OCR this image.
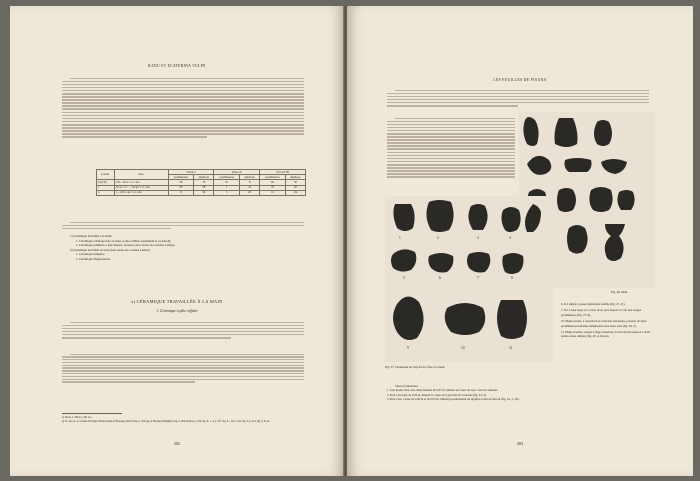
RADU ET ECATERINA VULPE
Couche	Date	Travail à		Tissus de		Total (A+B)	
		proéminentes	amphores	proéminentes	amphores	proéminentes	amphores
β (β' β'')	150—50 av. J.-C. env.	68	30	61	8	121	38
γ	50 av. J.-C. — 50 apr. J.-C. env.	89	58	1	24	79	82
δ	1—125 n. apr. J.-C. env.	9	94	5	20	12	114
1) Céramique travaillée à la main:
1. Céramique à haftage noir ou brun, à pâte raffinée (seulement la couche β);
2. Céramique primitive à pâte impure, poreuse (dans toutes les couches Latène).
b) Céramique travaillée au tour (dans toutes les couches Latène):
1. Céramique indigène;
2. Céramique d'importation.
a) CÉRAMIQUE TRAVAILLÉE À LA MAIN
1. Céramique à pâte raffinée
1) Dacia, I, 1924, p. 261 et s.
2) Cf. par ex. A. Grenier, Bologne Villanovienne et Étrusque, Paris 1912, p. 253 sqq. et Hoernes-Menghin, Urg. d. bild. Kunst³, p. 475, fig. II, 1, 3, p. 477, fig. 8—10; p. 197, fig. 6; p. 521, fig. 3, 6, etc.
282
LES FOUILLES DE POIANA
Fig. 26. Idem.
1	2	3	4
5	6	7	8
9	10	11
Fig. 27. Céramique de l'âge du fer, faite à la main.
6. Pot simple à panse légèrement renflée (fig. 27, 11).
7. Pot à base large et à ovaire droit, près duquel on voit une longue proéminence (fig. 27, 6).
10. Haute terrine, à fond étroit et à rebords retroussés, pourvue de deux proéminences latérales remplaçant toute autre anse (fig. 26, 2).
11. Haute écuelle conique à large ouverture, à rebords retroussés et à deux petites anses simples (fig. 26, 4, invers).
Vases en miniature.
1. Une moitié d'un vase d'une hauteur de 0,07 m, imitant les vases du type 1 décrit ci-dessus.
2. Petit vase haut de 0,02 m, imitant la coupe du type 6 décrit ci-dessus (fig. 44, 2).
3. Petit vase, à base de 0,06 m et de 0,03 m, imitant grossièrement un skyphos à tête de faucon (fig. 44, 1, 19).
283
